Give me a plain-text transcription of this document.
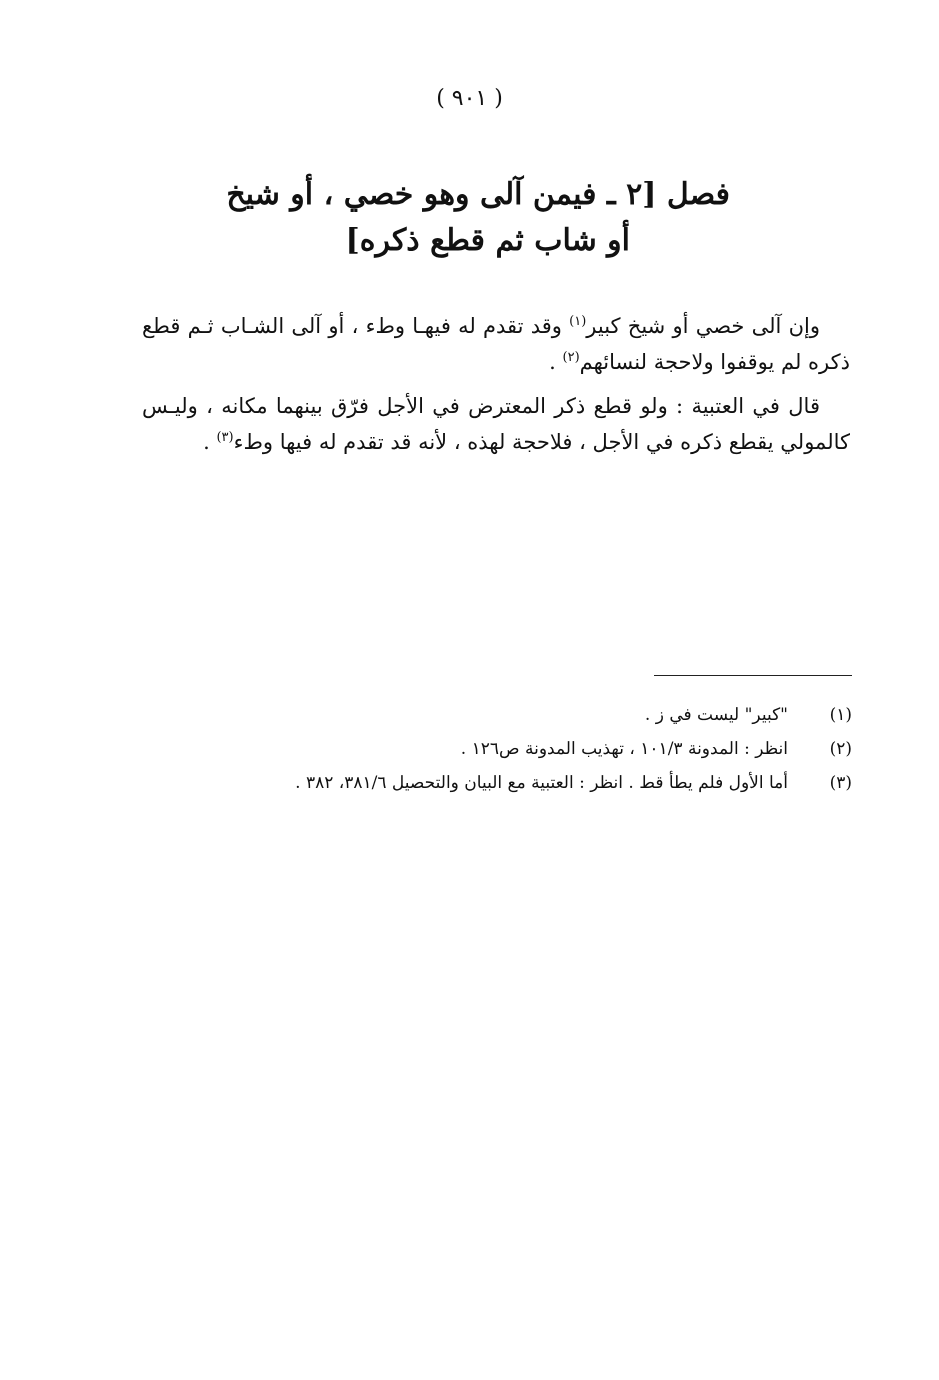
( ٩٠١ )
فصل [٢ ـ فيمن آلى وهو خصي ، أو شيخ
أو شاب ثم قطع ذكره]

وإن آلى خصي أو شيخ كبير$^{(١)}$ وقد تقدم له فيهـا وطء ، أو آلى الشـاب ثـم قطع ذكره لم يوقفوا ولاحجة لنسائهم$^{(٢)}$ .

قال في العتبية : ولو قطع ذكر المعترض في الأجل فرّق بينهما مكانه ، وليـس كالمولي يقطع ذكره في الأجل ، فلاحجة لهذه ، لأنه قد تقدم له فيها وطء$^{(٣)}$ .

(١)
"كبير" ليست في ز .
(٢)
انظر : المدونة ١٠١/٣ ، تهذيب المدونة ص١٢٦ .
(٣)
أما الأول فلم يطأ قط . انظر : العتبية مع البيان والتحصيل ٣٨١/٦، ٣٨٢ .
